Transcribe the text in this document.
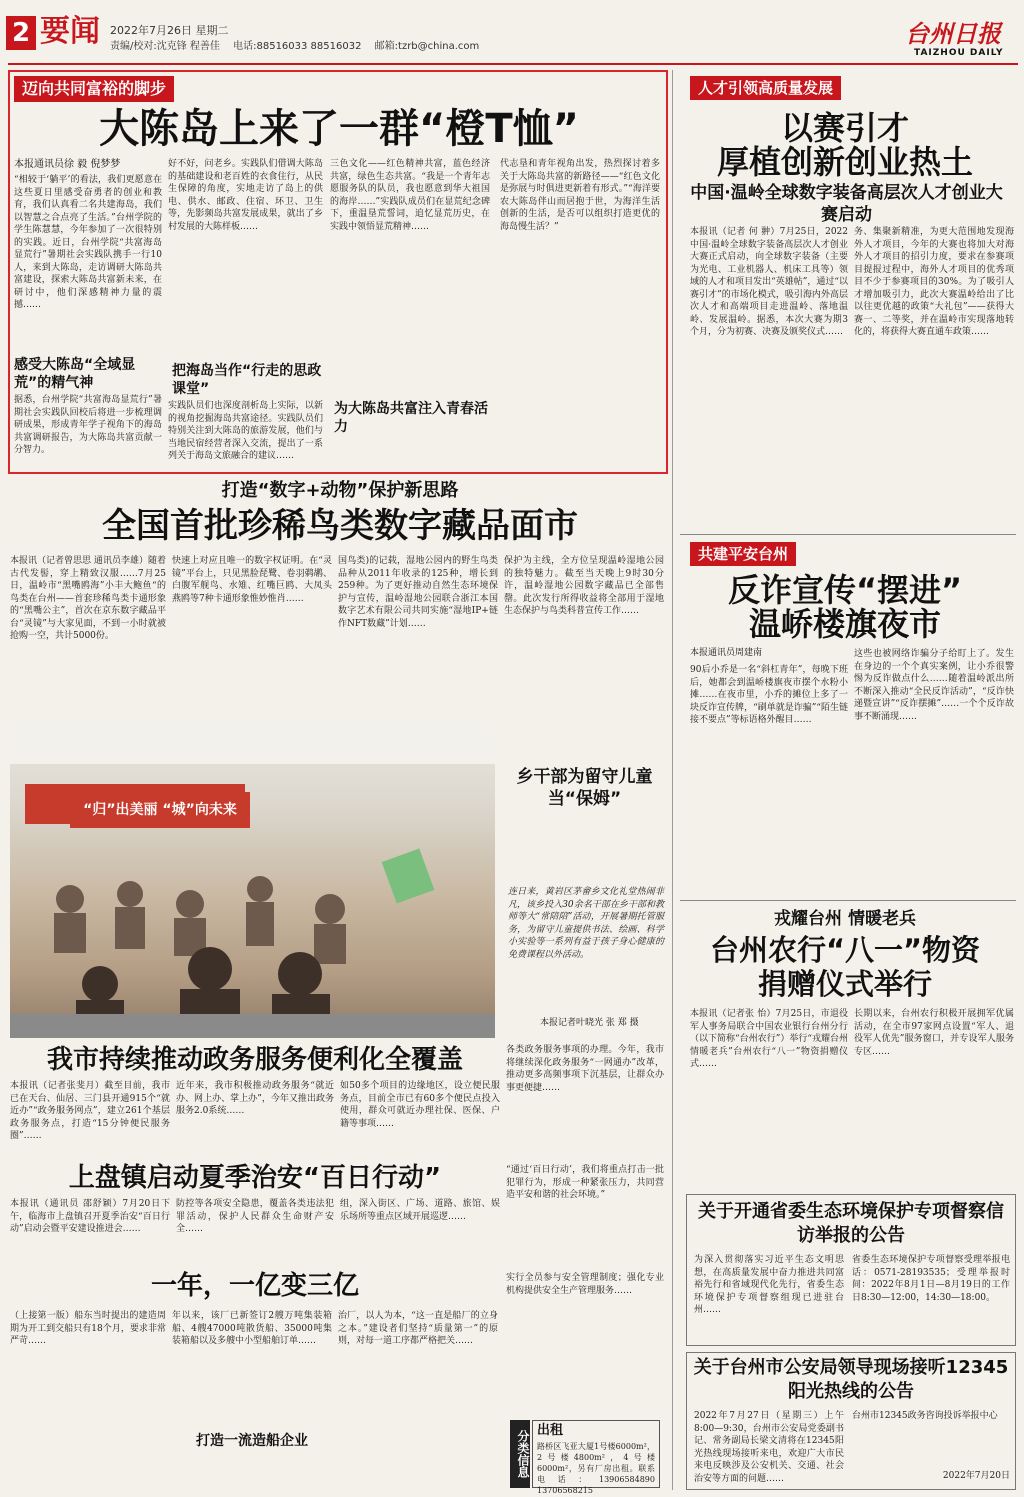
2 要闻 2022年7月26日 星期二
责编/校对:沈克锋 程善佳 电话:88516033 88516032 邮箱:tzrb@china.com	台州日报
TAIZHOU DAILY
迈向共同富裕的脚步
大陈岛上来了一群“橙T恤”
本报通讯员徐 毅 倪梦梦
“相较于‘躺平’的看法，我们更愿意在这些夏日里感受奋勇者的创业和教育，我们认真看二名共建海岛，我们以智慧之合点亮了生活。”台州学院的学生陈慧慧，今年参加了一次很特别的实践。近日，台州学院“共富海岛显荒行”暑期社会实践队携手一行10人，来到大陈岛，走访调研大陈岛共富建设，探索大陈岛共富新未来，在研讨中，他们深感精神力量的震撼……
感受大陈岛“全域显荒”的精气神
据悉，台州学院“共富海岛显荒行”暑期社会实践队回校后将进一步梳理调研成果，形成青年学子视角下的海岛共富调研报告，为大陈岛共富贡献一分智力。
好不好，问老乡。实践队们借调大陈岛的基础建设和老百姓的衣食住行，从民生保障的角度，实地走访了岛上的供电、供水、邮政、住宿、环卫、卫生等，先影频岛共富发展成果，就出了乡村发展的大陈样板……
把海岛当作“行走的思政课堂”
实践队员们也深度剖析岛上实际，以新的视角挖掘海岛共富途径。实践队员们特别关注到大陈岛的旅游发展，他们与当地民宿经营者深入交流，提出了一系列关于海岛文旅融合的建议……
三色文化——红色精神共富，蓝色经济共富，绿色生态共富。“我是一个青年志愿服务队的队员，我也愿意到华大祖国的海岸……”实践队成员们在显荒纪念碑下，重温垦荒誓词，追忆显荒历史，在实践中领悟显荒精神……
为大陈岛共富注入青春活力
代志垦和青年视角出发，热烈探讨着多关于大陈岛共富的新路径——“红色文化是弥展与时俱进更新着有形式。”“海洋要农大陈岛伴山而居抱于世，为海洋生活创新的生活，是否可以组织打造更优的海岛慢生活？”
人才引领高质量发展
以赛引才
厚植创新创业热土
中国·温岭全球数字装备高层次人才创业大赛启动
本报讯（记者 何 翀）7月25日，2022中国·温岭全球数字装备高层次人才创业大赛正式启动，向全球数字装备（主要为光电、工业机器人、机床工具等）领域的人才和项目发出“英雄帖”，通过“以赛引才”的市场化模式，吸引海内外高层次人才和高端项目走进温岭、落地温岭、发展温岭。据悉，本次大赛为期3个月，分为初赛、决赛及颁奖仪式……
务、集聚新精准，为更大范围地发现海外人才项目，今年的大赛也将加大对海外人才项目的招引力度，要求在参赛项目提报过程中，海外人才项目的优秀项目不少于参赛项目的30%。为了吸引人才增加吸引力，此次大赛温岭给出了比以往更优越的政策“大礼包”——获得大赛一、二等奖，并在温岭市实现落地转化的，将获得大赛直通车政策……
打造“数字+动物”保护新思路
全国首批珍稀鸟类数字藏品面市
本报讯（记者曾思思 通讯员李雄）随着古代发髻，穿上精致汉服……7月25日，温岭市“黑嘴鸥海”小丰大鲍鱼“的鸟类在台州——首套珍稀鸟类卡通形象的“黑嘴公主”，首次在京东数字藏品平台“灵镜”与大家见面，不到一小时就被抢购一空，共计5000份。
快速上对应且唯一的数字权证明。在“灵镜”平台上，只见黑脸琵鹭、卷羽鹈鹕、白腹军舰鸟、水雉、红嘴巨鸥、大凤头燕鸥等7种卡通形象惟妙惟肖……
国鸟类)的记载，湿地公园内的野生鸟类品种从2011年收录的125种，增长到259种。为了更好推动自然生态环境保护与宣传，温岭湿地公园联合浙江本国数字艺术有限公司共同实施“湿地IP+链作NFT数藏”计划……
保护为主线，全方位呈现温岭湿地公园的独特魅力。截至当天晚上9时30分许，温岭湿地公园数字藏品已全部售罄。此次发行所得收益将全部用于湿地生态保护与鸟类科普宣传工作……
“归”出美丽 “城”向未来
乡干部为留守儿童当“保姆”
连日来，黄岩区茅畲乡文化礼堂热闹非凡，该乡投入30余名干部在乡干部和教师等大“常陪陪”活动，开展暑期托管服务，为留守儿童提供书法、绘画、科学小实验等一系列有益于孩子身心健康的免费课程以外活动。
本报记者叶晓光 张 郑 摄
我市持续推动政务服务便利化全覆盖
本报讯（记者张斐月）截至目前，我市已在天台、仙居、三门县开通915个“就近办”“政务服务网点”，建立261个基层政务服务点，打造“15分钟便民服务圈”……
近年来，我市积极推动政务服务“就近办、网上办、掌上办”，今年又推出政务服务2.0系统……
如50多个项目的边缘地区，设立便民服务点，目前全市已有60多个便民点投入使用，群众可就近办理社保、医保、户籍等事项……
各类政务服务事项的办理。今年，我市将继续深化政务服务“一网通办”改革，推动更多高频事项下沉基层，让群众办事更便捷……
上盘镇启动夏季治安“百日行动”
本报讯（通讯员 邵舒颖）7月20日下午，临海市上盘镇召开夏季治安“百日行动”启动会暨平安建设推进会……
防控等各项安全隐患，覆盖各类违法犯罪活动，保护人民群众生命财产安全……
组，深入街区、广场、道路、旅馆、娱乐场所等重点区域开展巡逻……
“通过‘百日行动’，我们将重点打击一批犯罪行为，形成一种紧张压力，共同营造平安和谐的社会环境。”
一年，一亿变三亿
（上接第一版）船东当时提出的建造周期为开工到交船只有18个月，要求非常严苛……
年以来，该厂已新签订2艘万吨集装箱船、4艘47000吨散货船、35000吨集装箱船以及多艘中小型船舶订单……
打造一流造船企业
治厂，以人为本，“这一直是船厂的立身之本。”建设者们坚持“质量第一”的原则，对每一道工序都严格把关……
实行全员参与安全管理制度；强化专业机构提供安全生产管理服务……
分类信息 出租
路桥区飞亚大厦1号楼6000m²，2号楼4800m²，4号楼6000m²，另有厂房出租。联系电话：13906584890 13706568215
共建平安台州
反诈宣传“摆进”
温峤楼旗夜市
本报通讯员周建南
90后小乔是一名“斜杠青年”，每晚下班后，她都会到温峤楼旗夜市摆个水粉小摊……在夜市里，小乔的摊位上多了一块反诈宣传牌，“刷单就是诈骗”“陌生链接不要点”等标语格外醒目……
这些也被网络诈骗分子给盯上了。发生在身边的一个个真实案例，让小乔很警惕为反诈做点什么……随着温岭派出所不断深入推动“全民反诈活动”，“反诈快递暨宣讲”“反诈摆摊”……一个个反诈故事不断涌现……
戎耀台州 情暖老兵
台州农行“八一”物资
捐赠仪式举行
本报讯（记者张 怡）7月25日，市退役军人事务局联合中国农业银行台州分行（以下简称“台州农行”）举行“戎耀台州 情暖老兵”台州农行“八一”物资捐赠仪式……
长期以来，台州农行积极开展拥军优属活动，在全市97家网点设置“军人、退役军人优先”服务窗口，并专设军人服务专区……
关于开通省委生态环境保护专项督察信访举报的公告
为深入贯彻落实习近平生态文明思想，在高质量发展中奋力推进共同富裕先行和省域现代化先行，省委生态环境保护专项督察组现已进驻台州……
省委生态环境保护专项督察受理举报电话：0571-28193535；受理举报时间：2022年8月1日—8月19日的工作日8:30—12:00，14:30—18:00。
关于台州市公安局领导现场接听12345阳光热线的公告
2022年7月27日（星期三）上午8:00—9:30，台州市公安局党委副书记、常务副局长梁文清将在12345阳光热线现场接听来电，欢迎广大市民来电反映涉及公安机关、交通、社会治安等方面的问题……
台州市12345政务咨询投诉举报中心
2022年7月20日
